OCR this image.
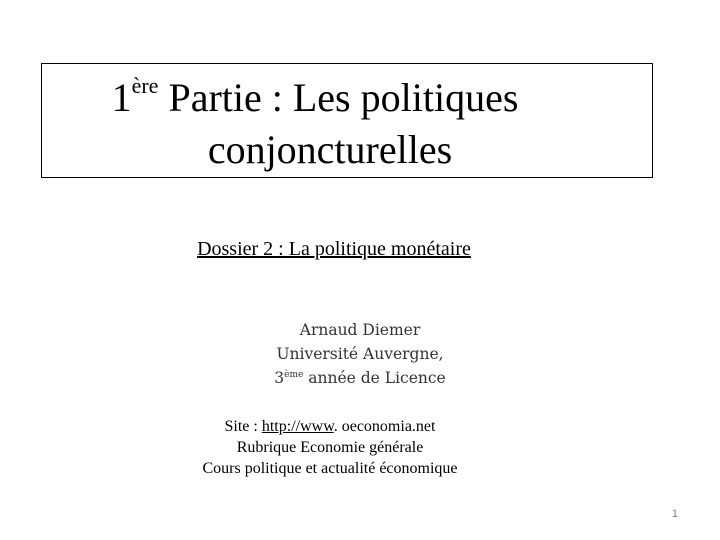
1ère Partie : Les politiques
conjoncturelles
Dossier 2 : La politique monétaire
Arnaud Diemer
Université Auvergne,
3ème année de Licence
Site : http://www. oeconomia.net
Rubrique Economie générale
Cours politique et actualité économique
1
